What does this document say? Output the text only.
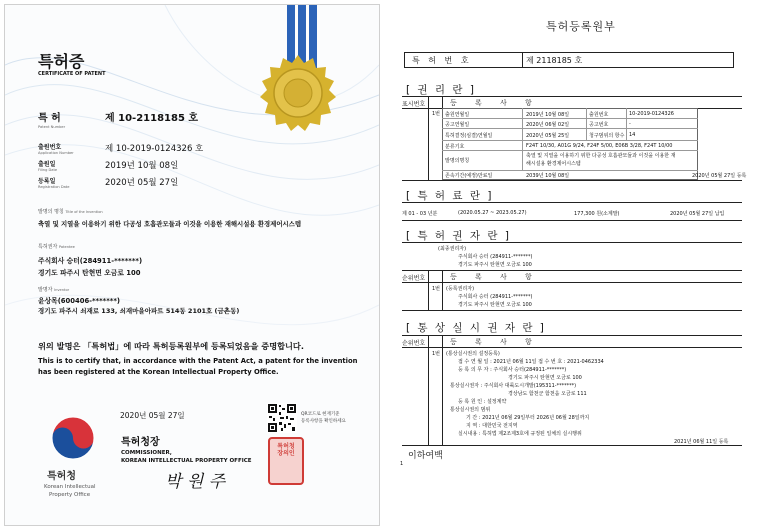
특허증
CERTIFICATE OF PATENT
특 허
Patent Number
제 10-2118185 호
출원번호
Application Number	제 10-2019-0124326 호
출원일
Filing Date	2019년 10월 08일
등록일
Registration Date	2020년 05월 27일
발명의 명칭 Title of the Invention
축열 및 지열을 이용하기 위한 다공성 호흡관모듈과 이것을 이용한 재해시설용 환경제어시스템
특허권자 Patentee
주식회사 승터(284911-*******)
경기도 파주시 탄현면 오금로 100
발명자 Inventor
윤상목(600406-*******)
경기도 파주시 쇠재로 133, 쇠재마을아파트 514동 2101호 (금촌동)
위의 발명은 「특허법」에 따라 특허등록원부에 등록되었음을 증명합니다.
This is to certify that, in accordance with the Patent Act, a patent for the invention
has been registered at the Korean Intellectual Property Office.
2020년 05월 27일	QR코드로 현재기준
등록사항을 확인하세요
특허청장
COMMISSIONER,
KOREAN INTELLECTUAL PROPERTY OFFICE
박 원 주
특허청장의인
특허청
Korean Intellectual
Property Office
특허등록원부
특 허 번 호	제 2118185 호
[ 권 리 란 ]
표시번호	등 록 사 항
1번 출원연월일	2019년 10월 08일	출원번호	10-2019-0124326
공고연월일	2020년 06월 02일	공고번호	-
특허결정(심결)연월일	2020년 05월 25일	청구범위의 항수 14
분류기호	F24T 10/30, A01G 9/24, F24F 5/00, E06B 3/28, F24T 10/00
발명의명칭
축열 및 지열을 이용하기 위한 다공성 호흡관모듈과 이것을 이용한 재
해시설용 환경제어시스템
존속기간(예정)만료일	2039년 10월 08일	2020년 05월 27일 등록
[ 특 허 료 란 ]
제 01 - 03 년분	(2020.05.27 ~ 2023.05.27)	177,300 원(소계말)	2020년 05월 27일 납입
[ 특 허 권 자 란 ]
(최종권리자)
주식회사 승터 (284911-*******)
경기도 파주시 탄현면 오금로 100
순위번호	등 록 사 항
1번 (등록권리자)
주식회사 승터 (284911-*******)
경기도 파주시 탄현면 오금로 100
[ 통 상 실 시 권 자 란 ]
순위번호	등 록 사 항
1번 (통상실시권의 설정등록)
접 수 연 월 일 : 2021년 06월 11일 접 수 번 호 : 2021-0462334
등 록 의 무 자 : 주식회사 승터(284911-*******)
경기도 파주시 탄현면 오금로 100
통상실시권자 : 주식회사 대륙도시개발(195311-*******)
경상남도 함천군 함천읍 오금로 111
등 록 원 인 : 설정계약
통상실시권의 범위
기 간 : 2021년 06월 29일부터 2026년 06월 28일까지
지 역 : 대한민국 전지역
실시내용 : 특허법 제2조제3호에 규정된 일체의 실시행위
2021년 06월 11일 등록
이하여백
1
